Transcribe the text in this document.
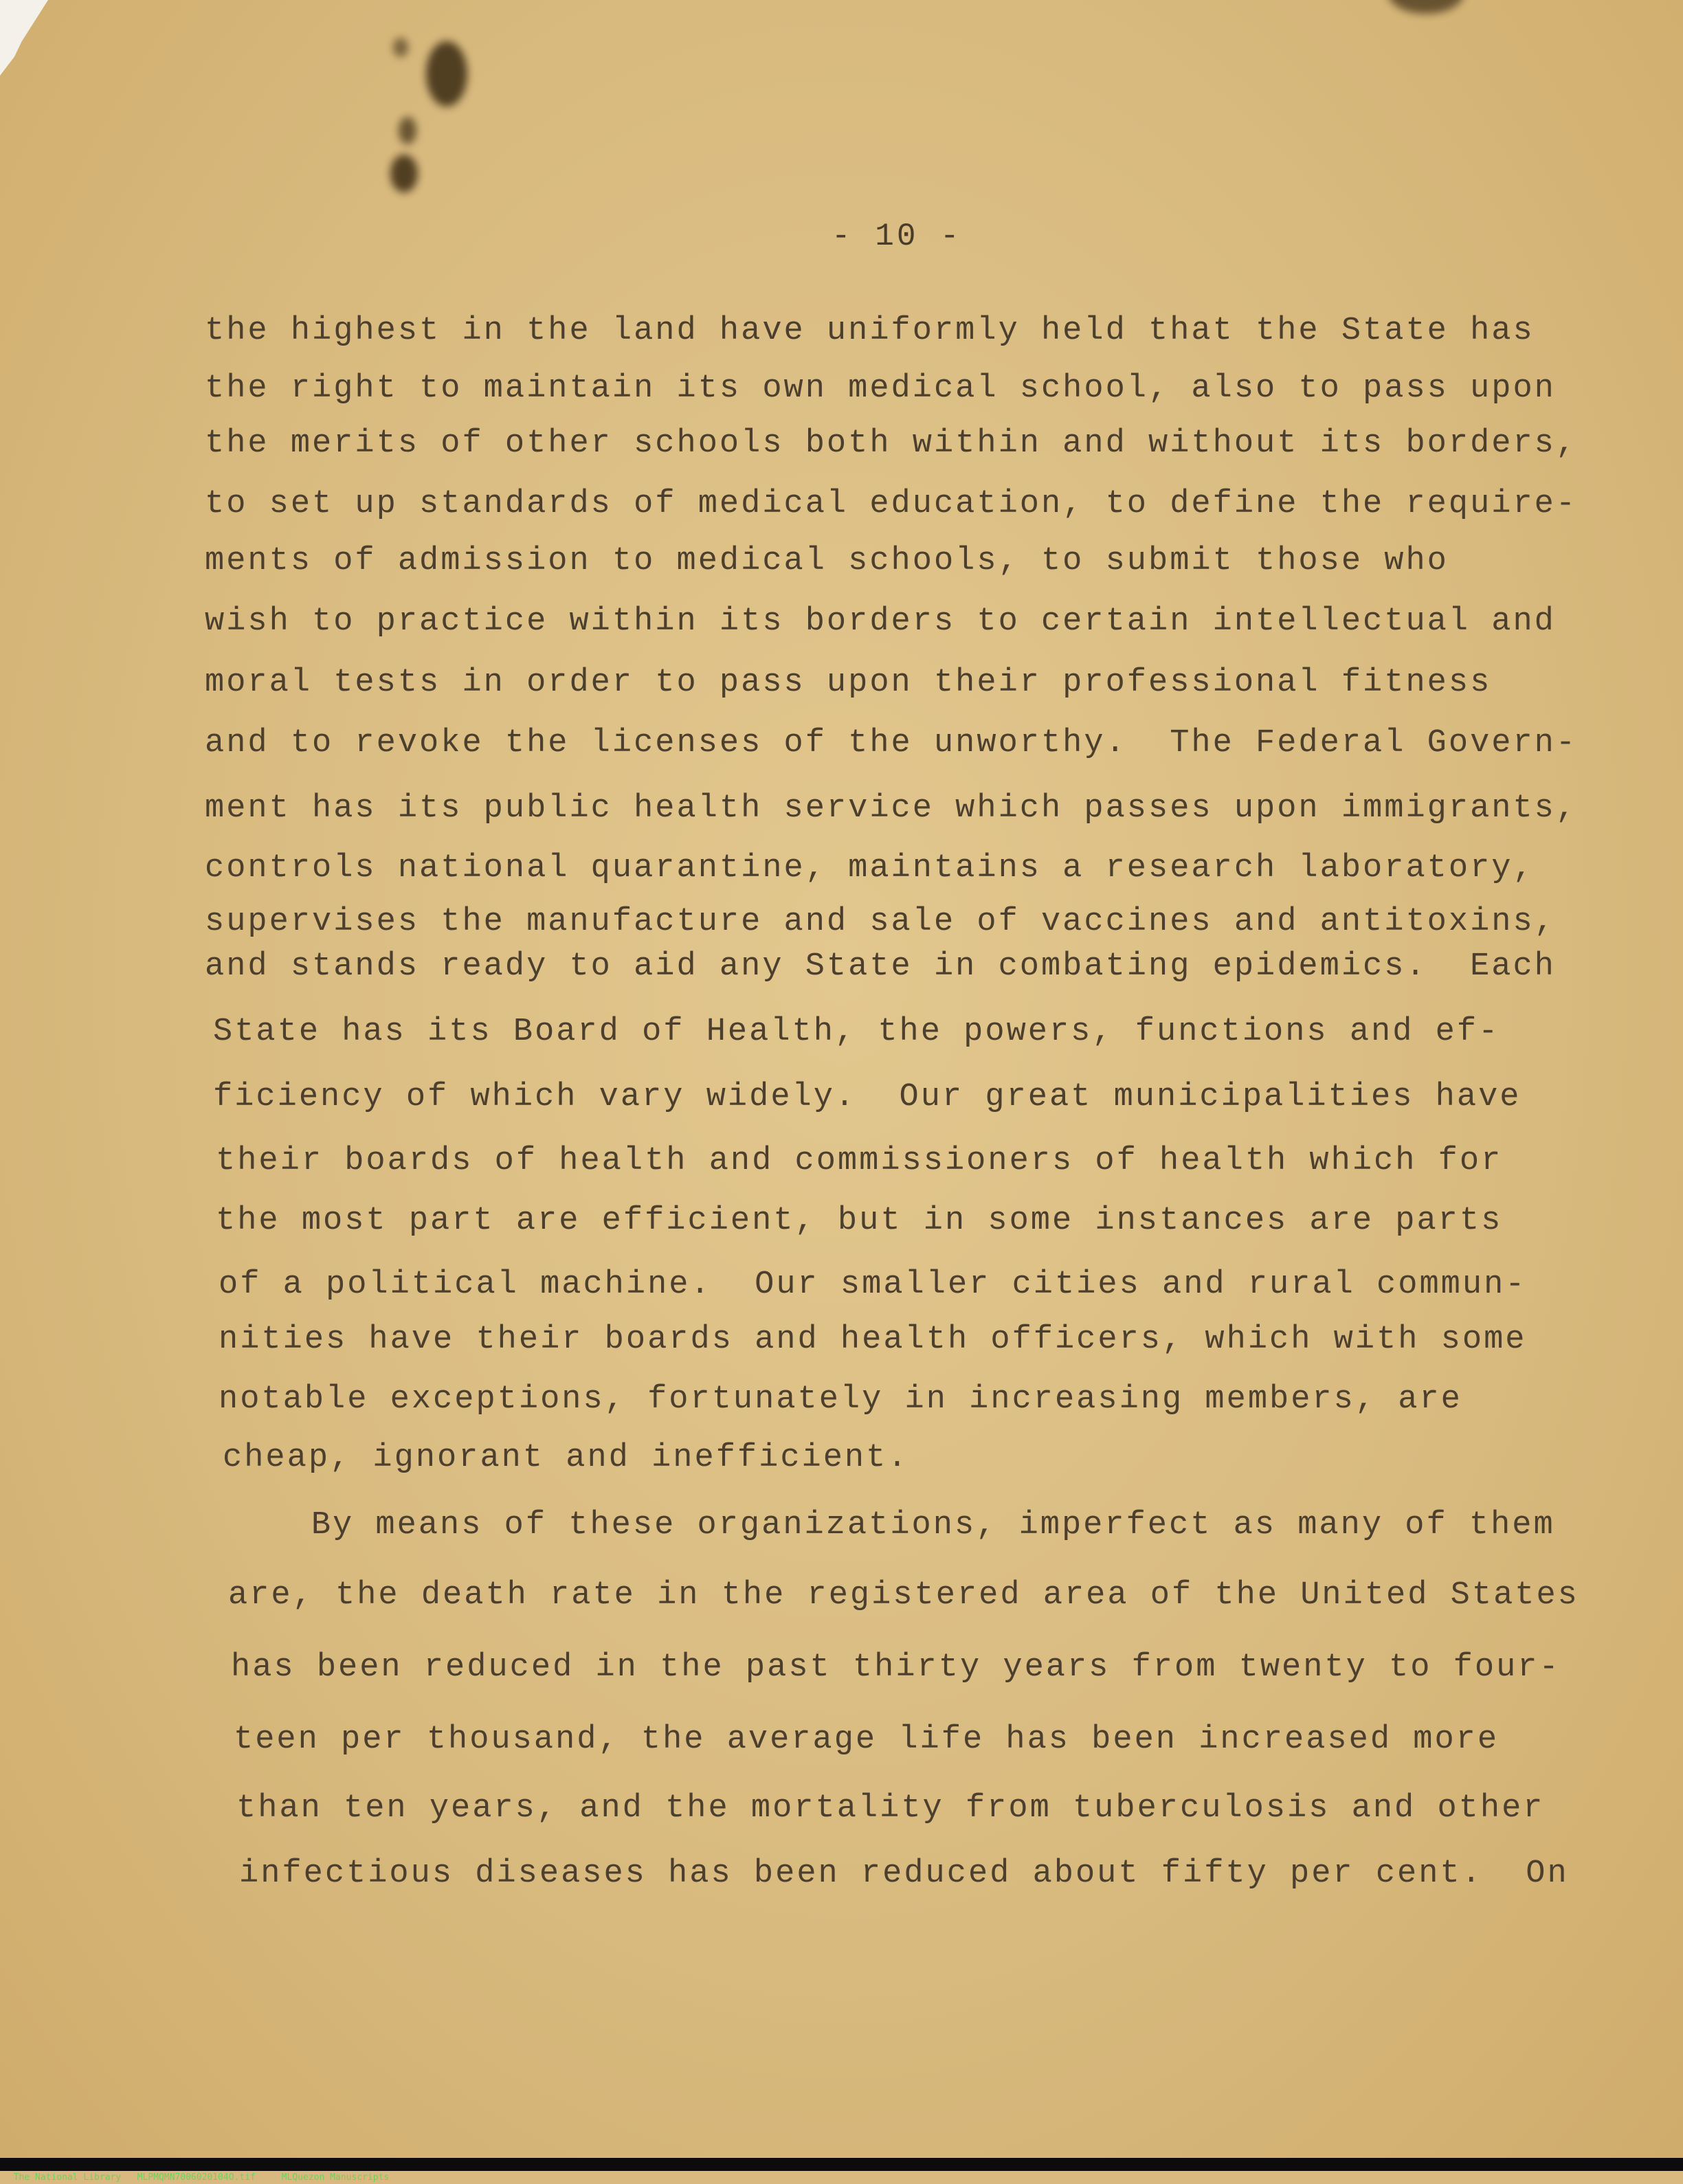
- 10 -
the highest in the land have uniformly held that the State has
the right to maintain its own medical school, also to pass upon
the merits of other schools both within and without its borders,
to set up standards of medical education, to define the require-
ments of admission to medical schools, to submit those who
wish to practice within its borders to certain intellectual and
moral tests in order to pass upon their professional fitness
and to revoke the licenses of the unworthy.  The Federal Govern-
ment has its public health service which passes upon immigrants,
controls national quarantine, maintains a research laboratory,
supervises the manufacture and sale of vaccines and antitoxins,
and stands ready to aid any State in combating epidemics.  Each
State has its Board of Health, the powers, functions and ef-
ficiency of which vary widely.  Our great municipalities have
their boards of health and commissioners of health which for
the most part are efficient, but in some instances are parts
of a political machine.  Our smaller cities and rural commun-
nities have their boards and health officers, which with some
notable exceptions, fortunately in increasing members, are
cheap, ignorant and inefficient.
By means of these organizations, imperfect as many of them
are, the death rate in the registered area of the United States
has been reduced in the past thirty years from twenty to four-
teen per thousand, the average life has been increased more
than ten years, and the mortality from tuberculosis and other
infectious diseases has been reduced about fifty per cent.  On

The National Library MLPMQMN7006020104O.tif	MLQuezon Manuscripts
